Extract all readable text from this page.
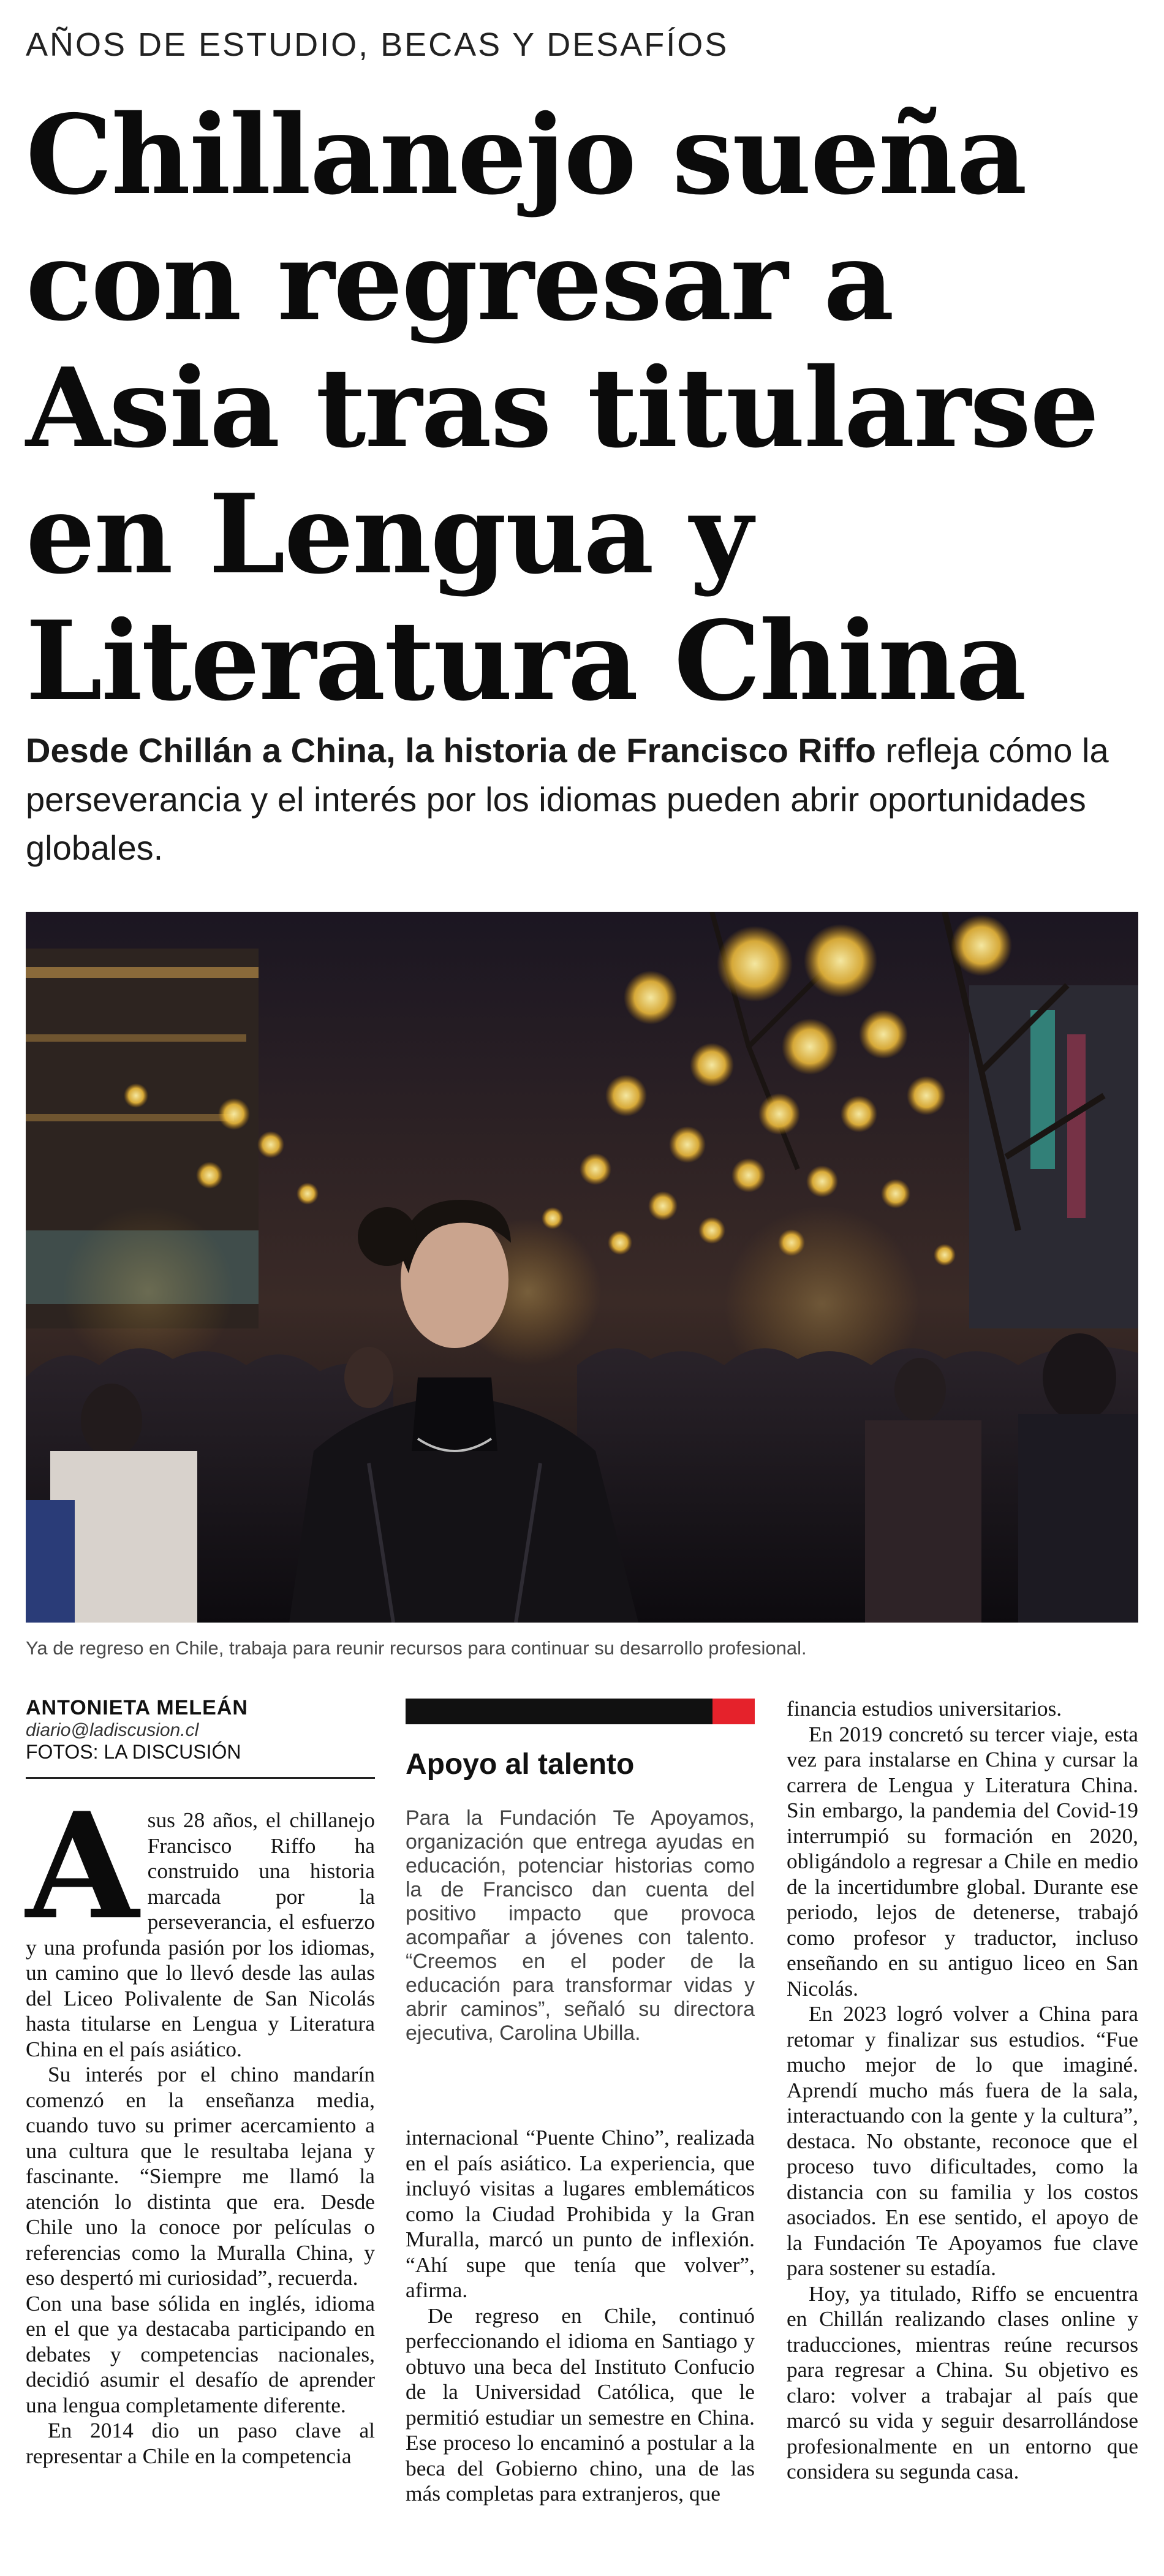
AÑOS DE ESTUDIO, BECAS Y DESAFÍOS
Chillanejo sueña con regresar a Asia tras titularse en Lengua y Literatura China

Desde Chillán a China, la historia de Francisco Riffo refleja cómo la perseverancia y el interés por los idiomas pueden abrir oportunidades globales.

Ya de regreso en Chile, trabaja para reunir recursos para continuar su desarrollo profesional.
ANTONIETA MELEÁN
diario@ladiscusion.cl
FOTOS: LA DISCUSIÓN

Asus 28 años, el chillanejo Francisco Riffo ha construido una historia marcada por la perseverancia, el esfuerzo y una profunda pasión por los idiomas, un camino que lo llevó desde las aulas del Liceo Polivalente de San Nicolás hasta titularse en Lengua y Literatura China en el país asiático.

Su interés por el chino mandarín comenzó en la enseñanza media, cuando tuvo su primer acercamiento a una cultura que le resultaba lejana y fascinante. “Siempre me llamó la atención lo distinta que era. Desde Chile uno la conoce por películas o referencias como la Muralla China, y eso despertó mi curiosidad”, recuerda.

Con una base sólida en inglés, idioma en el que ya destacaba participando en debates y competencias nacionales, decidió asumir el desafío de aprender una lengua completamente diferente.

En 2014 dio un paso clave al representar a Chile en la competencia

Apoyo al talento
Para la Fundación Te Apoyamos, organización que entrega ayudas en educación, potenciar historias como la de Francisco dan cuenta del positivo impacto que provoca acompañar a jóvenes con talento. “Creemos en el poder de la educación para transformar vidas y abrir caminos”, señaló su directora ejecutiva, Carolina Ubilla.

internacional “Puente Chino”, realizada en el país asiático. La experiencia, que incluyó visitas a lugares emblemáticos como la Ciudad Prohibida y la Gran Muralla, marcó un punto de inflexión. “Ahí supe que tenía que volver”, afirma.

De regreso en Chile, continuó perfeccionando el idioma en Santiago y obtuvo una beca del Instituto Confucio de la Universidad Católica, que le permitió estudiar un semestre en China. Ese proceso lo encaminó a postular a la beca del Gobierno chino, una de las más completas para extranjeros, que

financia estudios universitarios.

En 2019 concretó su tercer viaje, esta vez para instalarse en China y cursar la carrera de Lengua y Literatura China. Sin embargo, la pandemia del Covid-19 interrumpió su formación en 2020, obligándolo a regresar a Chile en medio de la incertidumbre global. Durante ese periodo, lejos de detenerse, trabajó como profesor y traductor, incluso enseñando en su antiguo liceo en San Nicolás.

En 2023 logró volver a China para retomar y finalizar sus estudios. “Fue mucho mejor de lo que imaginé. Aprendí mucho más fuera de la sala, interactuando con la gente y la cultura”, destaca. No obstante, reconoce que el proceso tuvo dificultades, como la distancia con su familia y los costos asociados. En ese sentido, el apoyo de la Fundación Te Apoyamos fue clave para sostener su estadía.

Hoy, ya titulado, Riffo se encuentra en Chillán realizando clases online y traducciones, mientras reúne recursos para regresar a China. Su objetivo es claro: volver a trabajar al país que marcó su vida y seguir desarrollándose profesionalmente en un entorno que considera su segunda casa.
